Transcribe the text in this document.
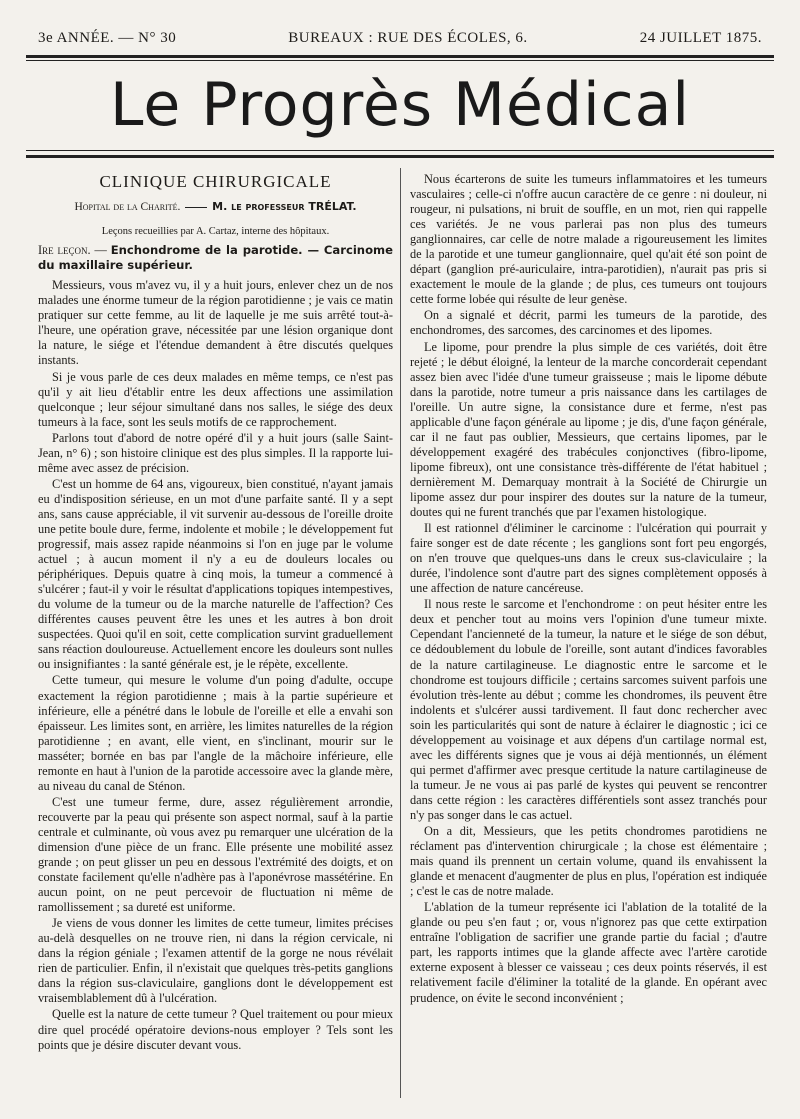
3e ANNÉE. — N° 30	BUREAUX : RUE DES ÉCOLES, 6.	24 JUILLET 1875.
Le Progrès Médical
CLINIQUE CHIRURGICALE
Hopital de la Charité.	M. le professeur TRÉLAT.
Leçons recueillies par A. Cartaz, interne des hôpitaux.
Ire leçon. — Enchondrome de la parotide. — Carcinome du maxillaire supérieur.

Messieurs, vous m'avez vu, il y a huit jours, enlever chez un de nos malades une énorme tumeur de la région parotidienne ; je vais ce matin pratiquer sur cette femme, au lit de laquelle je me suis arrêté tout-à-l'heure, une opération grave, nécessitée par une lésion organique dont la nature, le siége et l'étendue demandent à être discutés quelques instants.

Si je vous parle de ces deux malades en même temps, ce n'est pas qu'il y ait lieu d'établir entre les deux affections une assimilation quelconque ; leur séjour simultané dans nos salles, le siége des deux tumeurs à la face, sont les seuls motifs de ce rapprochement.

Parlons tout d'abord de notre opéré d'il y a huit jours (salle Saint-Jean, n° 6) ; son histoire clinique est des plus simples. Il la rapporte lui-même avec assez de précision.

C'est un homme de 64 ans, vigoureux, bien constitué, n'ayant jamais eu d'indisposition sérieuse, en un mot d'une parfaite santé. Il y a sept ans, sans cause appréciable, il vit survenir au-dessous de l'oreille droite une petite boule dure, ferme, indolente et mobile ; le développement fut progressif, mais assez rapide néanmoins si l'on en juge par le volume actuel ; à aucun moment il n'y a eu de douleurs locales ou périphériques. Depuis quatre à cinq mois, la tumeur a commencé à s'ulcérer ; faut-il y voir le résultat d'applications topiques intempestives, du volume de la tumeur ou de la marche naturelle de l'affection? Ces différentes causes peuvent être les unes et les autres à bon droit suspectées. Quoi qu'il en soit, cette complication survint graduellement sans réaction douloureuse. Actuellement encore les douleurs sont nulles ou insignifiantes : la santé générale est, je le répète, excellente.

Cette tumeur, qui mesure le volume d'un poing d'adulte, occupe exactement la région parotidienne ; mais à la partie supérieure et inférieure, elle a pénétré dans le lobule de l'oreille et elle a envahi son épaisseur. Les limites sont, en arrière, les limites naturelles de la région parotidienne ; en avant, elle vient, en s'inclinant, mourir sur le masséter; bornée en bas par l'angle de la mâchoire inférieure, elle remonte en haut à l'union de la parotide accessoire avec la glande mère, au niveau du canal de Sténon.

C'est une tumeur ferme, dure, assez régulièrement arrondie, recouverte par la peau qui présente son aspect normal, sauf à la partie centrale et culminante, où vous avez pu remarquer une ulcération de la dimension d'une pièce de un franc. Elle présente une mobilité assez grande ; on peut glisser un peu en dessous l'extrémité des doigts, et on constate facilement qu'elle n'adhère pas à l'aponévrose massétérine. En aucun point, on ne peut percevoir de fluctuation ni même de ramollissement ; sa dureté est uniforme.

Je viens de vous donner les limites de cette tumeur, limites précises au-delà desquelles on ne trouve rien, ni dans la région cervicale, ni dans la région géniale ; l'examen attentif de la gorge ne nous révélait rien de particulier. Enfin, il n'existait que quelques très-petits ganglions dans la région sus-claviculaire, ganglions dont le développement est vraisemblablement dû à l'ulcération.

Quelle est la nature de cette tumeur ? Quel traitement ou pour mieux dire quel procédé opératoire devions-nous employer ? Tels sont les points que je désire discuter devant vous.

Nous écarterons de suite les tumeurs inflammatoires et les tumeurs vasculaires ; celle-ci n'offre aucun caractère de ce genre : ni douleur, ni rougeur, ni pulsations, ni bruit de souffle, en un mot, rien qui rappelle ces variétés. Je ne vous parlerai pas non plus des tumeurs ganglionnaires, car celle de notre malade a rigoureusement les limites de la parotide et une tumeur ganglionnaire, quel qu'ait été son point de départ (ganglion pré-auriculaire, intra-parotidien), n'aurait pas pris si exactement le moule de la glande ; de plus, ces tumeurs ont toujours cette forme lobée qui résulte de leur genèse.

On a signalé et décrit, parmi les tumeurs de la parotide, des enchondromes, des sarcomes, des carcinomes et des lipomes.

Le lipome, pour prendre la plus simple de ces variétés, doit être rejeté ; le début éloigné, la lenteur de la marche concorderait cependant assez bien avec l'idée d'une tumeur graisseuse ; mais le lipome débute dans la parotide, notre tumeur a pris naissance dans les cartilages de l'oreille. Un autre signe, la consistance dure et ferme, n'est pas applicable d'une façon générale au lipome ; je dis, d'une façon générale, car il ne faut pas oublier, Messieurs, que certains lipomes, par le développement exagéré des trabécules conjonctives (fibro-lipome, lipome fibreux), ont une consistance très-différente de l'état habituel ; dernièrement M. Demarquay montrait à la Société de Chirurgie un lipome assez dur pour inspirer des doutes sur la nature de la tumeur, doutes qui ne furent tranchés que par l'examen histologique.

Il est rationnel d'éliminer le carcinome : l'ulcération qui pourrait y faire songer est de date récente ; les ganglions sont fort peu engorgés, on n'en trouve que quelques-uns dans le creux sus-claviculaire ; la durée, l'indolence sont d'autre part des signes complètement opposés à une affection de nature cancéreuse.

Il nous reste le sarcome et l'enchondrome : on peut hésiter entre les deux et pencher tout au moins vers l'opinion d'une tumeur mixte. Cependant l'ancienneté de la tumeur, la nature et le siége de son début, ce dédoublement du lobule de l'oreille, sont autant d'indices favorables de la nature cartilagineuse. Le diagnostic entre le sarcome et le chondrome est toujours difficile ; certains sarcomes suivent parfois une évolution très-lente au début ; comme les chondromes, ils peuvent être indolents et s'ulcérer aussi tardivement. Il faut donc rechercher avec soin les particularités qui sont de nature à éclairer le diagnostic ; ici ce développement au voisinage et aux dépens d'un cartilage normal est, avec les différents signes que je vous ai déjà mentionnés, un élément qui permet d'affirmer avec presque certitude la nature cartilagineuse de la tumeur. Je ne vous ai pas parlé de kystes qui peuvent se rencontrer dans cette région : les caractères différentiels sont assez tranchés pour n'y pas songer dans le cas actuel.

On a dit, Messieurs, que les petits chondromes parotidiens ne réclament pas d'intervention chirurgicale ; la chose est élémentaire ; mais quand ils prennent un certain volume, quand ils envahissent la glande et menacent d'augmenter de plus en plus, l'opération est indiquée ; c'est le cas de notre malade.

L'ablation de la tumeur représente ici l'ablation de la totalité de la glande ou peu s'en faut ; or, vous n'ignorez pas que cette extirpation entraîne l'obligation de sacrifier une grande partie du facial ; d'autre part, les rapports intimes que la glande affecte avec l'artère carotide externe exposent à blesser ce vaisseau ; ces deux points réservés, il est relativement facile d'éliminer la totalité de la glande. En opérant avec prudence, on évite le second inconvénient ;
